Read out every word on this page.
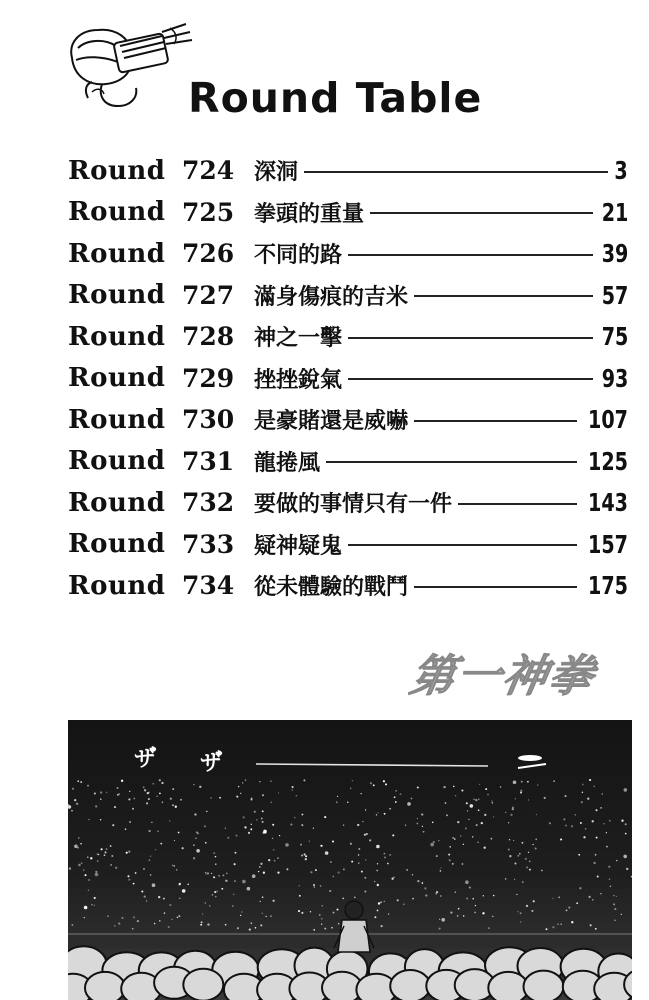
Round Table
Round 724 深洞	3
Round 725 拳頭的重量	21
Round 726 不同的路	39
Round 727 滿身傷痕的吉米	57
Round 728 神之一擊	75
Round 729 挫挫銳氣	93
Round 730 是豪賭還是威嚇	107
Round 731 龍捲風	125
Round 732 要做的事情只有一件	143
Round 733 疑神疑鬼	157
Round 734 從未體驗的戰鬥	175
第一神拳
ザ゙ ザ゙
